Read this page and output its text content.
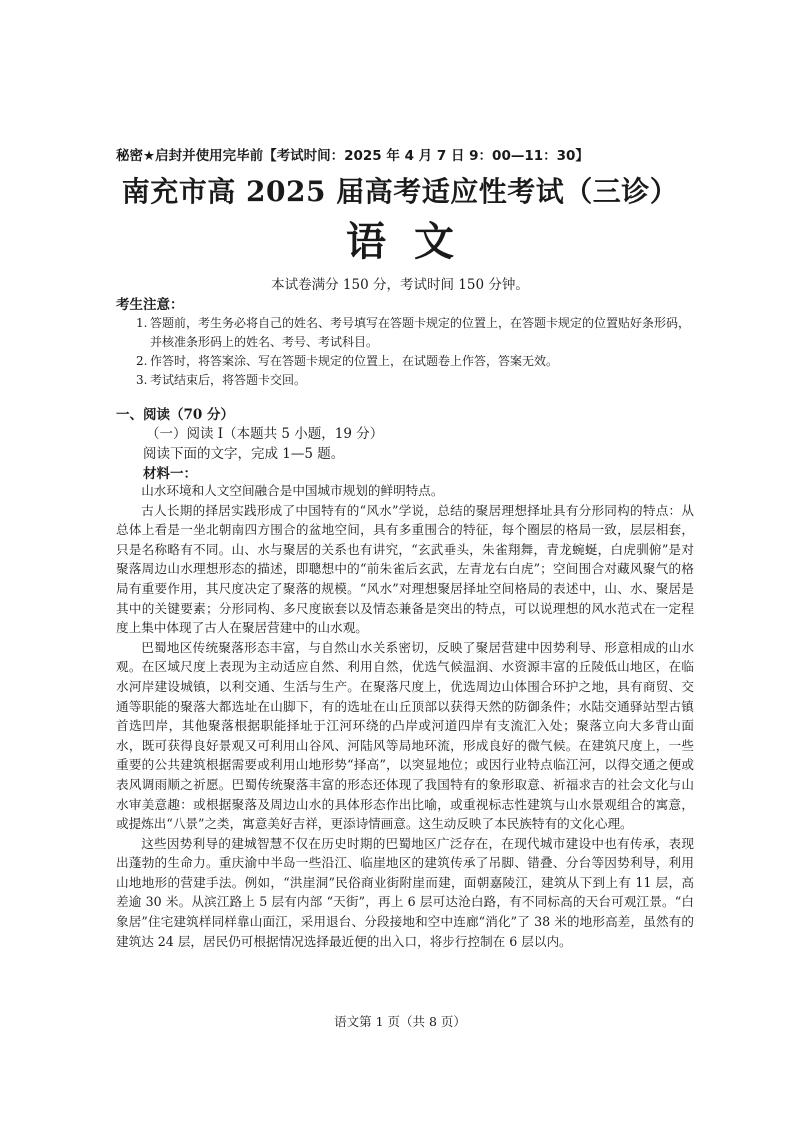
秘密★启封并使用完毕前【考试时间：2025 年 4 月 7 日 9：00—11：30】
南充市高 2025 届高考适应性考试（三诊）
语文
本试卷满分 150 分，考试时间 150 分钟。
考生注意：
1. 答题前，考生务必将自己的姓名、考号填写在答题卡规定的位置上，在答题卡规定的位置贴好条形码，并核准条形码上的姓名、考号、考试科目。
2. 作答时，将答案涂、写在答题卡规定的位置上，在试题卷上作答，答案无效。
3. 考试结束后，将答题卡交回。
一、阅读（70 分）
（一）阅读 I（本题共 5 小题，19 分）
阅读下面的文字，完成 1—5 题。
材料一：

山水环境和人文空间融合是中国城市规划的鲜明特点。

古人长期的择居实践形成了中国特有的“风水”学说，总结的聚居理想择址具有分形同构的特点：从总体上看是一坐北朝南四方围合的盆地空间，具有多重围合的特征，每个圈层的格局一致，层层相套，只是名称略有不同。山、水与聚居的关系也有讲究，“玄武垂头，朱雀翔舞，青龙蜿蜒，白虎驯俯”是对聚落周边山水理想形态的描述，即聰想中的“前朱雀后玄武，左青龙右白虎”；空间围合对藏风聚气的格局有重要作用，其尺度决定了聚落的规模。“风水”对理想聚居择址空间格局的表述中，山、水、聚居是其中的关键要素；分形同构、多尺度嵌套以及情态兼备是突出的特点，可以说理想的风水范式在一定程度上集中体现了古人在聚居营建中的山水观。

巴蜀地区传统聚落形态丰富，与自然山水关系密切，反映了聚居营建中因势利导、形意相成的山水观。在区域尺度上表现为主动适应自然、利用自然，优选气候温润、水资源丰富的丘陵低山地区，在临水河岸建设城镇，以利交通、生活与生产。在聚落尺度上，优选周边山体围合环护之地，具有商贸、交通等职能的聚落大都选址在山脚下，有的选址在山丘顶部以获得天然的防御条件；水陆交通驿站型古镇首选凹岸，其他聚落根据职能择址于江河环绕的凸岸或河道四岸有支流汇入处；聚落立向大多背山面水，既可获得良好景观又可利用山谷风、河陆风等局地环流，形成良好的微气候。在建筑尺度上，一些重要的公共建筑根据需要或利用山地形势“择高”，以突显地位；或因行业特点临江河，以得交通之便或表风调雨顺之祈愿。巴蜀传统聚落丰富的形态还体现了我国特有的象形取意、祈福求吉的社会文化与山水审美意趣：或根据聚落及周边山水的具体形态作出比喻，或重视标志性建筑与山水景观组合的寓意，或提炼出“八景”之类，寓意美好吉祥，更添诗情画意。这生动反映了本民族特有的文化心理。

这些因势利导的建城智慧不仅在历史时期的巴蜀地区广泛存在，在现代城市建设中也有传承，表现出蓬勃的生命力。重庆渝中半岛一些沿江、临崖地区的建筑传承了吊脚、错叠、分台等因势利导，利用山地地形的营建手法。例如，“洪崖洞”民俗商业街附崖而建，面朝嘉陵江，建筑从下到上有 11 层，高差逾 30 米。从滨江路上 5 层有内部 “天街”，再上 6 层可达沧白路，有不同标高的天台可观江景。“白象居”住宅建筑样同样靠山面江，采用退台、分段接地和空中连廊“消化”了 38 米的地形高差，虽然有的建筑达 24 层，居民仍可根据情况选择最近便的出入口，将步行控制在 6 层以内。

语文第 1 页（共 8 页）
